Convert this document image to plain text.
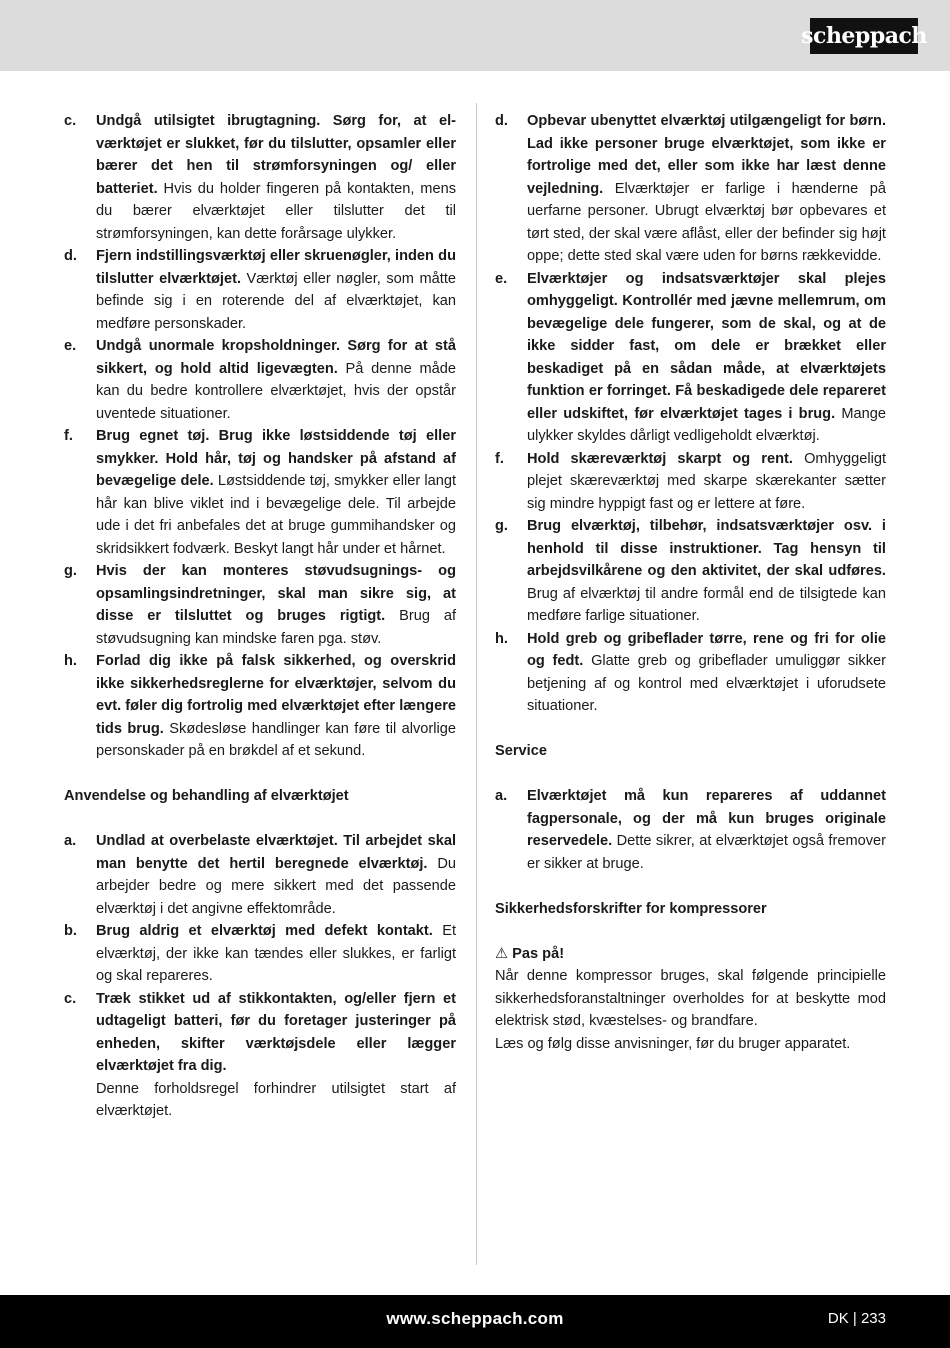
scheppach
c.	Undgå utilsigtet ibrugtagning. Sørg for, at elværktøjet er slukket, før du tilslutter, opsamler eller bærer det hen til strømforsyningen og/ eller batteriet. Hvis du holder fingeren på kontakten, mens du bærer elværktøjet eller tilslutter det til strømforsyningen, kan dette forårsage ulykker.
d.	Fjern indstillingsværktøj eller skruenøgler, inden du tilslutter elværktøjet. Værktøj eller nøgler, som måtte befinde sig i en roterende del af elværktøjet, kan medføre personskader.
e.	Undgå unormale kropsholdninger. Sørg for at stå sikkert, og hold altid ligevægten. På denne måde kan du bedre kontrollere elværktøjet, hvis der opstår uventede situationer.
f.	Brug egnet tøj. Brug ikke løstsiddende tøj eller smykker. Hold hår, tøj og handsker på afstand af bevægelige dele. Løstsiddende tøj, smykker eller langt hår kan blive viklet ind i bevægelige dele. Til arbejde ude i det fri anbefales det at bruge gummihandsker og skridsikkert fodværk. Beskyt langt hår under et hårnet.
g.	Hvis der kan monteres støvudsugnings- og opsamlingsindretninger, skal man sikre sig, at disse er tilsluttet og bruges rigtigt. Brug af støvudsugning kan mindske faren pga. støv.
h.	Forlad dig ikke på falsk sikkerhed, og overskrid ikke sikkerhedsreglerne for elværktøjer, selvom du evt. føler dig fortrolig med elværktøjet efter længere tids brug. Skødesløse handlinger kan føre til alvorlige personskader på en brøkdel af et sekund.
Anvendelse og behandling af elværktøjet
a.	Undlad at overbelaste elværktøjet. Til arbejdet skal man benytte det hertil beregnede elværktøj. Du arbejder bedre og mere sikkert med det passende elværktøj i det angivne effektområde.
b.	Brug aldrig et elværktøj med defekt kontakt. Et elværktøj, der ikke kan tændes eller slukkes, er farligt og skal repareres.
c.	Træk stikket ud af stikkontakten, og/eller fjern et udtageligt batteri, før du foretager justeringer på enheden, skifter værktøjsdele eller lægger elværktøjet fra dig.
Denne forholdsregel forhindrer utilsigtet start af elværktøjet.
d.	Opbevar ubenyttet elværktøj utilgængeligt for børn. Lad ikke personer bruge elværktøjet, som ikke er fortrolige med det, eller som ikke har læst denne vejledning. Elværktøjer er farlige i hænderne på uerfarne personer. Ubrugt elværktøj bør opbevares et tørt sted, der skal være aflåst, eller der befinder sig højt oppe; dette sted skal være uden for børns rækkevidde.
e.	Elværktøjer og indsatsværktøjer skal plejes omhyggeligt. Kontrollér med jævne mellemrum, om bevægelige dele fungerer, som de skal, og at de ikke sidder fast, om dele er brækket eller beskadiget på en sådan måde, at elværktøjets funktion er forringet. Få beskadigede dele repareret eller udskiftet, før elværktøjet tages i brug. Mange ulykker skyldes dårligt vedligeholdt elværktøj.
f.	Hold skæreværktøj skarpt og rent. Omhyggeligt plejet skæreværktøj med skarpe skærekanter sætter sig mindre hyppigt fast og er lettere at føre.
g.	Brug elværktøj, tilbehør, indsatsværktøjer osv. i henhold til disse instruktioner. Tag hensyn til arbejdsvilkårene og den aktivitet, der skal udføres. Brug af elværktøj til andre formål end de tilsigtede kan medføre farlige situationer.
h.	Hold greb og gribeflader tørre, rene og fri for olie og fedt. Glatte greb og gribeflader umuliggør sikker betjening af og kontrol med elværktøjet i uforudsete situationer.
Service
a.	Elværktøjet må kun repareres af uddannet fagpersonale, og der må kun bruges originale reservedele. Dette sikrer, at elværktøjet også fremover er sikker at bruge.
Sikkerhedsforskrifter for kompressorer
⚠ Pas på!
Når denne kompressor bruges, skal følgende principielle sikkerhedsforanstaltninger overholdes for at beskytte mod elektrisk stød, kvæstelses- og brandfare.
Læs og følg disse anvisninger, før du bruger apparatet.
www.scheppach.com	DK | 233
